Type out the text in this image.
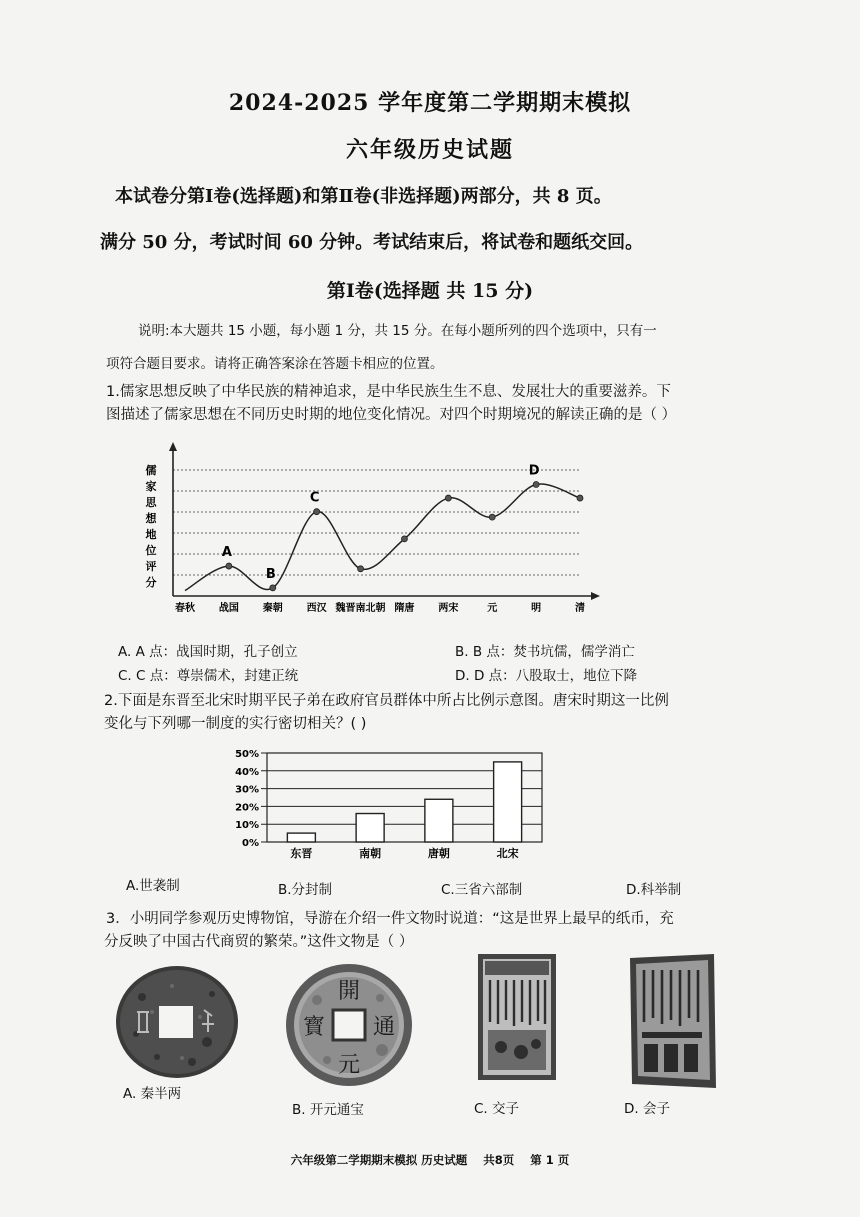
2024-2025 学年度第二学期期末模拟
六年级历史试题
本试卷分第Ⅰ卷(选择题)和第Ⅱ卷(非选择题)两部分，共 8 页。
满分 50 分，考试时间 60 分钟。考试结束后，将试卷和题纸交回。
第Ⅰ卷(选择题 共 15 分)
说明:本大题共 15 小题，每小题 1 分，共 15 分。在每小题所列的四个选项中，只有一
项符合题目要求。请将正确答案涂在答题卡相应的位置。
1.儒家思想反映了中华民族的精神追求，是中华民族生生不息、发展壮大的重要滋养。下
图描述了儒家思想在不同历史时期的地位变化情况。对四个时期境况的解读正确的是（ ）
儒
家
思
想
地
位
评
分
A
B
C
D
春秋 战国 秦朝 西汉 魏晋南北朝 隋唐 两宋	元	明	清
A. A 点：战国时期，孔子创立	B. B 点：焚书坑儒，儒学消亡
C. C 点：尊崇儒术，封建正统	D. D 点：八股取士，地位下降
2.下面是东晋至北宋时期平民子弟在政府官员群体中所占比例示意图。唐宋时期这一比例
变化与下列哪一制度的实行密切相关？( )
0%
10%
20%
30%
40%
50%
东晋	南朝	唐朝	北宋
A.世袭制	B.分封制	C.三省六部制	D.科举制
3．小明同学参观历史博物馆，导游在介绍一件文物时说道：“这是世界上最早的纸币，充
分反映了中国古代商贸的繁荣。”这件文物是（ ）
開
元
通
寳
A. 秦半两
B. 开元通宝	C. 交子	D. 会子
六年级第二学期期末模拟 历史试题 共8页 第 1 页
